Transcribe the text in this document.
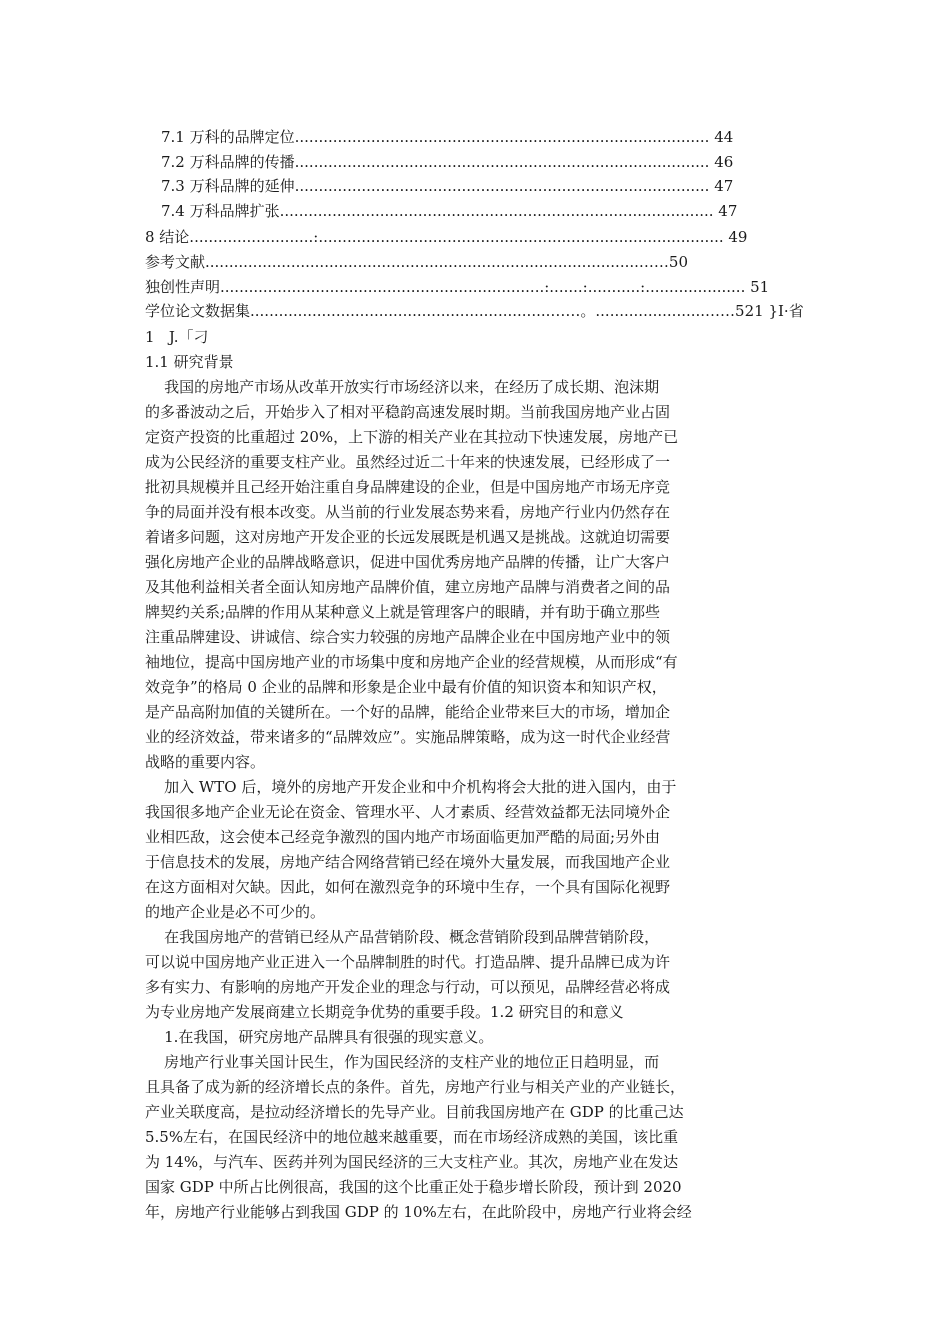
7.1 万科的品牌定位....................................................................................... 44
7.2 万科品牌的传播....................................................................................... 46
7.3 万科品牌的延伸....................................................................................... 47
7.4 万科品牌扩张........................................................................................... 47
8 结论..........................:..................................................................................... 49
参考文献...........................................................................................……50
独创性声明....................................................................:.......:...........:..................... 51
学位论文数据集...............................................................……。.......................……521 }I·省
1   J.「刁
1.1 研究背景
我国的房地产市场从改革开放实行市场经济以来，在经历了成长期、泡沫期
的多番波动之后，开始步入了相对平稳韵高速发展时期。当前我国房地产业占固
定资产投资的比重超过 20%，上下游的相关产业在其拉动下快速发展，房地产已
成为公民经济的重要支柱产业。虽然经过近二十年来的快速发展，已经形成了一
批初具规模并且己经开始注重自身品牌建设的企业，但是中国房地产市场无序竞
争的局面并没有根本改变。从当前的行业发展态势来看，房地产行业内仍然存在
着诸多问题，这对房地产开发企亚的长远发展既是机遇又是挑战。这就迫切需要
强化房地产企业的品牌战略意识，促进中国优秀房地产品牌的传播，让广大客户
及其他利益相关者全面认知房地产品牌价值，建立房地产品牌与消费者之间的品
牌契约关系;品牌的作用从某种意义上就是管理客户的眼睛，并有助于确立那些
注重品牌建设、讲诚信、综合实力较强的房地产品牌企业在中国房地产业中的领
袖地位，提高中国房地产业的市场集中度和房地产企业的经营规模，从而形成“有
效竞争”的格局 0 企业的品牌和形象是企业中最有价值的知识资本和知识产权，
是产品高附加值的关键所在。一个好的品牌，能给企业带来巨大的市场，增加企
业的经济效益，带来诸多的“品牌效应”。实施品牌策略，成为这一时代企业经营
战略的重要内容。
加入 WTO 后，境外的房地产开发企业和中介机构将会大批的进入国内，由于
我国很多地产企业无论在资金、管理水平、人才素质、经营效益都无法同境外企
业相匹敌，这会使本己经竞争激烈的国内地产市场面临更加严酷的局面;另外由
于信息技术的发展，房地产结合网络营销已经在境外大量发展，而我国地产企业
在这方面相对欠缺。因此，如何在激烈竞争的环境中生存，一个具有国际化视野
的地产企业是必不可少的。
在我国房地产的营销已经从产品营销阶段、概念营销阶段到品牌营销阶段，
可以说中国房地产业正进入一个品牌制胜的时代。打造品牌、提升品牌已成为许
多有实力、有影响的房地产开发企业的理念与行动，可以预见，品牌经营必将成
为专业房地产发展商建立长期竞争优势的重要手段。1.2 研究目的和意义
1.在我国，研究房地产品牌具有很强的现实意义。
房地产行业事关国计民生，作为国民经济的支柱产业的地位正日趋明显，而
且具备了成为新的经济增长点的条件。首先，房地产行业与相关产业的产业链长，
产业关联度高，是拉动经济增长的先导产业。目前我国房地产在 GDP 的比重己达
5.5%左右，在国民经济中的地位越来越重要，而在市场经济成熟的美国，该比重
为 14%，与汽车、医药并列为国民经济的三大支柱产业。其次，房地产业在发达
国家 GDP 中所占比例很高，我国的这个比重正处于稳步增长阶段，预计到 2020
年，房地产行业能够占到我国 GDP 的 10%左右，在此阶段中，房地产行业将会经
